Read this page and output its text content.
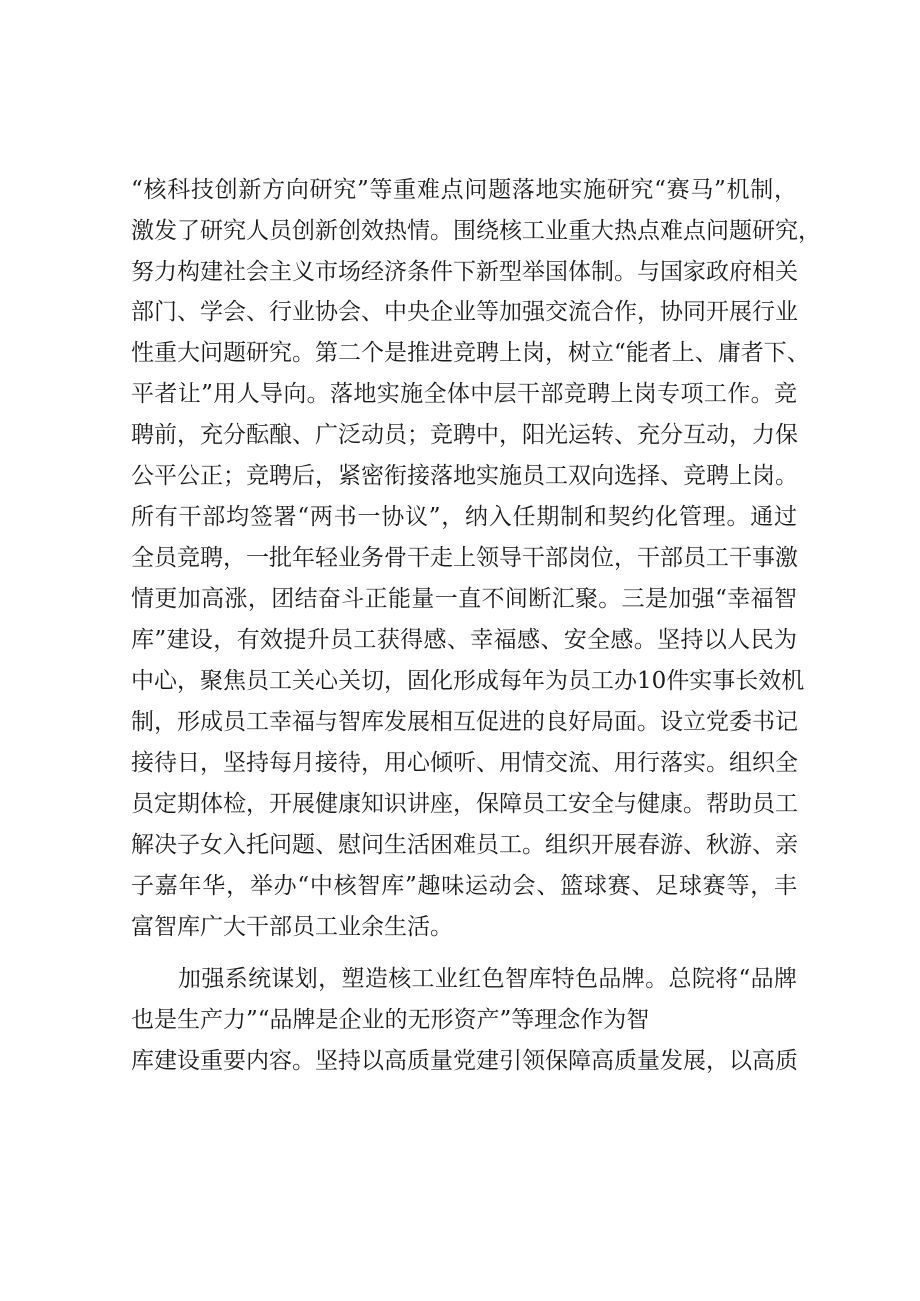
“核科技创新方向研究”等重难点问题落地实施研究“赛马”机制，
激发了研究人员创新创效热情。围绕核工业重大热点难点问题研究，
努力构建社会主义市场经济条件下新型举国体制。与国家政府相关
部门、学会、行业协会、中央企业等加强交流合作，协同开展行业
性重大问题研究。第二个是推进竞聘上岗，树立“能者上、庸者下、
平者让”用人导向。落地实施全体中层干部竞聘上岗专项工作。竞
聘前，充分酝酿、广泛动员；竞聘中，阳光运转、充分互动，力保
公平公正；竞聘后，紧密衔接落地实施员工双向选择、竞聘上岗。
所有干部均签署“两书一协议”，纳入任期制和契约化管理。通过
全员竞聘，一批年轻业务骨干走上领导干部岗位，干部员工干事激
情更加高涨，团结奋斗正能量一直不间断汇聚。三是加强“幸福智
库”建设，有效提升员工获得感、幸福感、安全感。坚持以人民为
中心，聚焦员工关心关切，固化形成每年为员工办10件实事长效机
制，形成员工幸福与智库发展相互促进的良好局面。设立党委书记
接待日，坚持每月接待，用心倾听、用情交流、用行落实。组织全
员定期体检，开展健康知识讲座，保障员工安全与健康。帮助员工
解决子女入托问题、慰问生活困难员工。组织开展春游、秋游、亲
子嘉年华，举办“中核智库”趣味运动会、篮球赛、足球赛等，丰
富智库广大干部员工业余生活。
加强系统谋划，塑造核工业红色智库特色品牌。总院将“品牌
也是生产力”“品牌是企业的无形资产”等理念作为智
库建设重要内容。坚持以高质量党建引领保障高质量发展，以高质
